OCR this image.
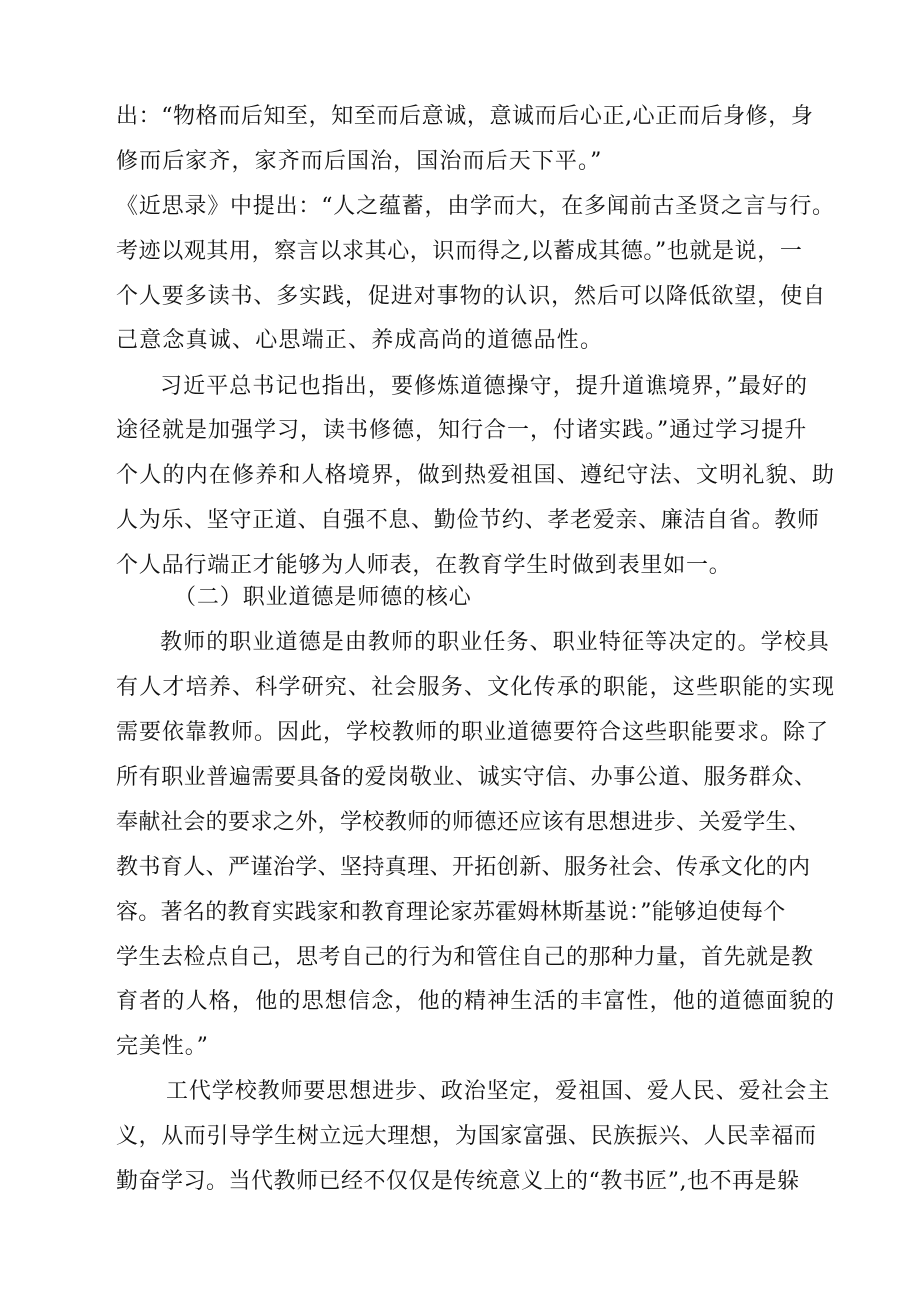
出：“物格而后知至，知至而后意诚，意诚而后心正,心正而后身修，身
修而后家齐，家齐而后国治，国治而后天下平。”
《近思录》中提出：“人之蕴蓄，由学而大，在多闻前古圣贤之言与行。
考迹以观其用，察言以求其心，识而得之,以蓄成其德。”也就是说，一
个人要多读书、多实践，促进对事物的认识，然后可以降低欲望，使自
己意念真诚、心思端正、养成高尚的道德品性。
习近平总书记也指出，要修炼道德操守，提升道谯境界，”最好的
途径就是加强学习，读书修德，知行合一，付诸实践。”通过学习提升
个人的内在修养和人格境界，做到热爱祖国、遵纪守法、文明礼貌、助
人为乐、坚守正道、自强不息、勤俭节约、孝老爱亲、廉洁自省。教师
个人品行端正才能够为人师表，在教育学生时做到表里如一。
（二）职业道德是师德的核心
教师的职业道德是由教师的职业任务、职业特征等决定的。学校具
有人才培养、科学研究、社会服务、文化传承的职能，这些职能的实现
需要依靠教师。因此，学校教师的职业道德要符合这些职能要求。除了
所有职业普遍需要具备的爱岗敬业、诚实守信、办事公道、服务群众、
奉献社会的要求之外，学校教师的师德还应该有思想进步、关爱学生、
教书育人、严谨治学、坚持真理、开拓创新、服务社会、传承文化的内
容。著名的教育实践家和教育理论家苏霍姆林斯基说：”能够迫使每个
学生去检点自己，思考自己的行为和管住自己的那种力量，首先就是教
育者的人格，他的思想信念，他的精神生活的丰富性，他的道德面貌的
完美性。”
工代学校教师要思想进步、政治坚定，爱祖国、爱人民、爱社会主
义，从而引导学生树立远大理想，为国家富强、民族振兴、人民幸福而
勤奋学习。当代教师已经不仅仅是传统意义上的“教书匠”,也不再是躲
